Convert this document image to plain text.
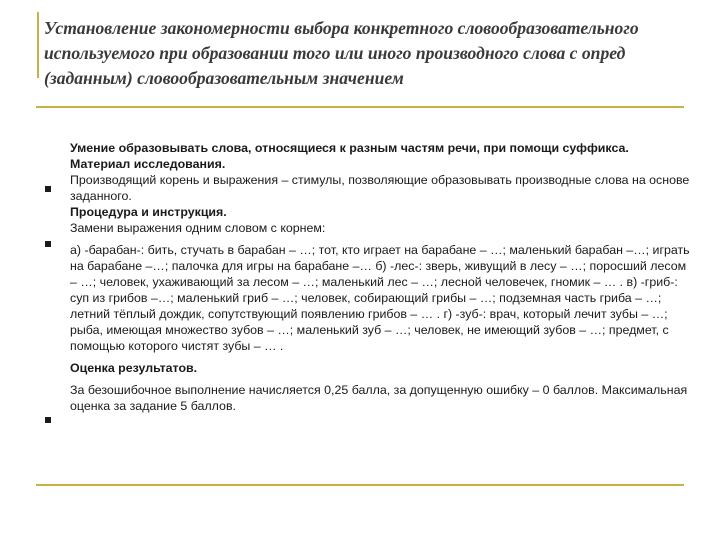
Установление закономерности выбора конкретного словообразовательного
используемого при образовании того или иного производного слова с опред
(заданным) словообразовательным значением

Умение образовывать слова, относящиеся к разным частям речи, при помощи суффикса.

Материал исследования.

Производящий корень и выражения – стимулы, позволяющие образовывать производные слова на основе заданного.

Процедура и инструкция.

Замени выражения одним словом с корнем:

а) -барабан-: бить, стучать в барабан – …; тот, кто играет на барабане – …; маленький барабан –…; играть на барабане –…; палочка для игры на барабане –… б) -лес-: зверь, живущий в лесу – …; поросший лесом – …; человек, ухаживающий за лесом – …; маленький лес – …; лесной человечек, гномик – … . в) -гриб-: суп из грибов –…; маленький гриб – …; человек, собирающий грибы – …; подземная часть гриба – …; летний тёплый дождик, сопутствующий появлению грибов – … . г) -зуб-: врач, который лечит зубы – …; рыба, имеющая множество зубов – …; маленький зуб – …; человек, не имеющий зубов – …; предмет, с помощью которого чистят зубы – … .

Оценка результатов.

За безошибочное выполнение начисляется 0,25 балла, за допущенную ошибку – 0 баллов. Максимальная оценка за задание 5 баллов.
